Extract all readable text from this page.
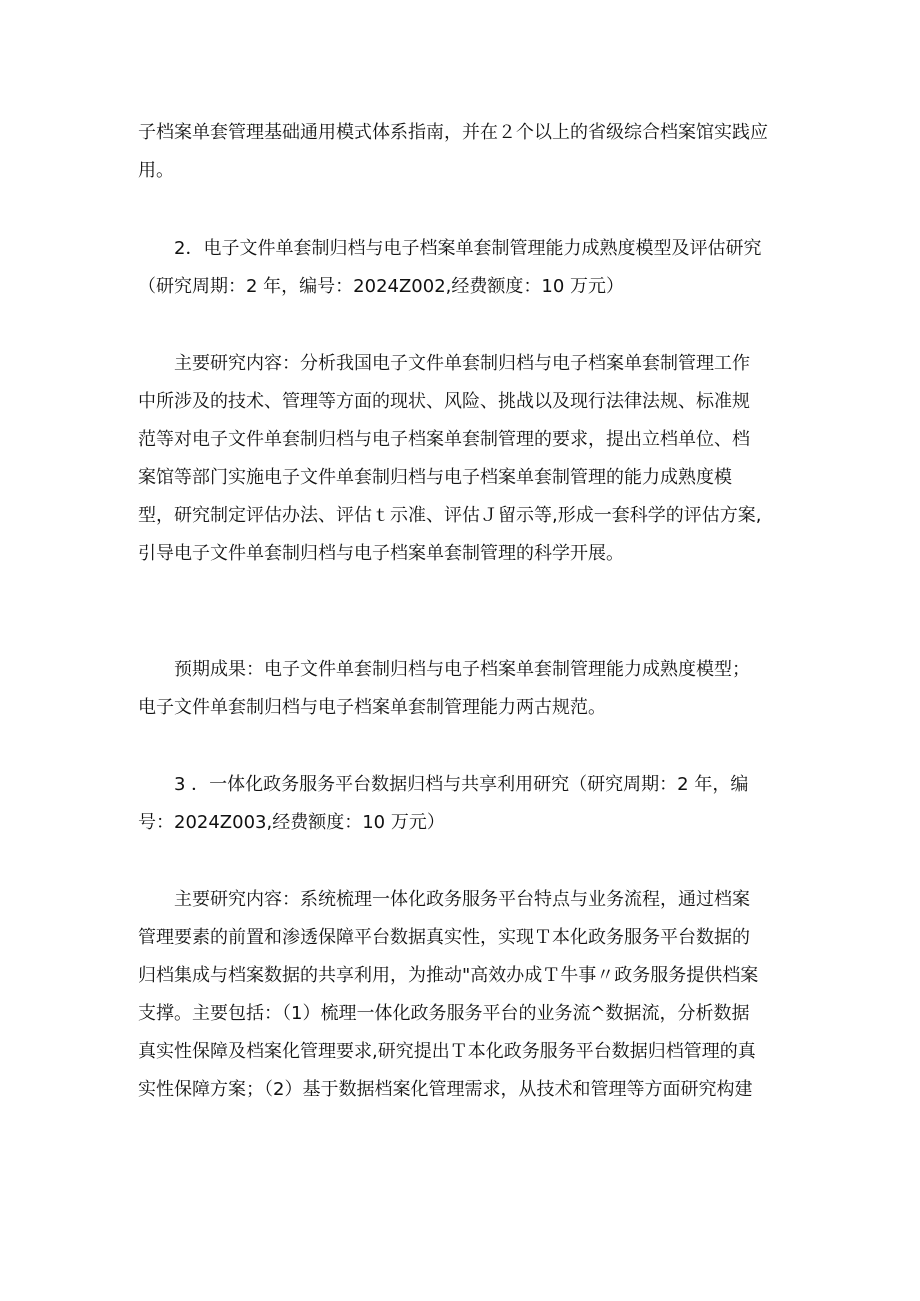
子档案单套管理基础通用模式体系指南，并在２个以上的省级综合档案馆实践应
用。
2．电子文件单套制归档与电子档案单套制管理能力成熟度模型及评估研究
（研究周期：2 年，编号：2024Z002,经费额度：10 万元）
主要研究内容：分析我国电子文件单套制归档与电子档案单套制管理工作
中所涉及的技术、管理等方面的现状、风险、挑战以及现行法律法规、标准规
范等对电子文件单套制归档与电子档案单套制管理的要求，提出立档单位、档
案馆等部门实施电子文件单套制归档与电子档案单套制管理的能力成熟度模
型，研究制定评估办法、评估ｔ示准、评估Ｊ留示等,形成一套科学的评估方案,
引导电子文件单套制归档与电子档案单套制管理的科学开展。
预期成果：电子文件单套制归档与电子档案单套制管理能力成熟度模型；
电子文件单套制归档与电子档案单套制管理能力两古规范。
3 ．一体化政务服务平台数据归档与共享利用研究（研究周期：2 年，编
号：2024Z003,经费额度：10 万元）
主要研究内容：系统梳理一体化政务服务平台特点与业务流程，通过档案
管理要素的前置和渗透保障平台数据真实性，实现Ｔ本化政务服务平台数据的
归档集成与档案数据的共享利用，为推动"高效办成Ｔ牛事〃政务服务提供档案
支撑。主要包括：（1）梳理一体化政务服务平台的业务流^数据流，分析数据
真实性保障及档案化管理要求,研究提出Ｔ本化政务服务平台数据归档管理的真
实性保障方案；（2）基于数据档案化管理需求，从技术和管理等方面研究构建
